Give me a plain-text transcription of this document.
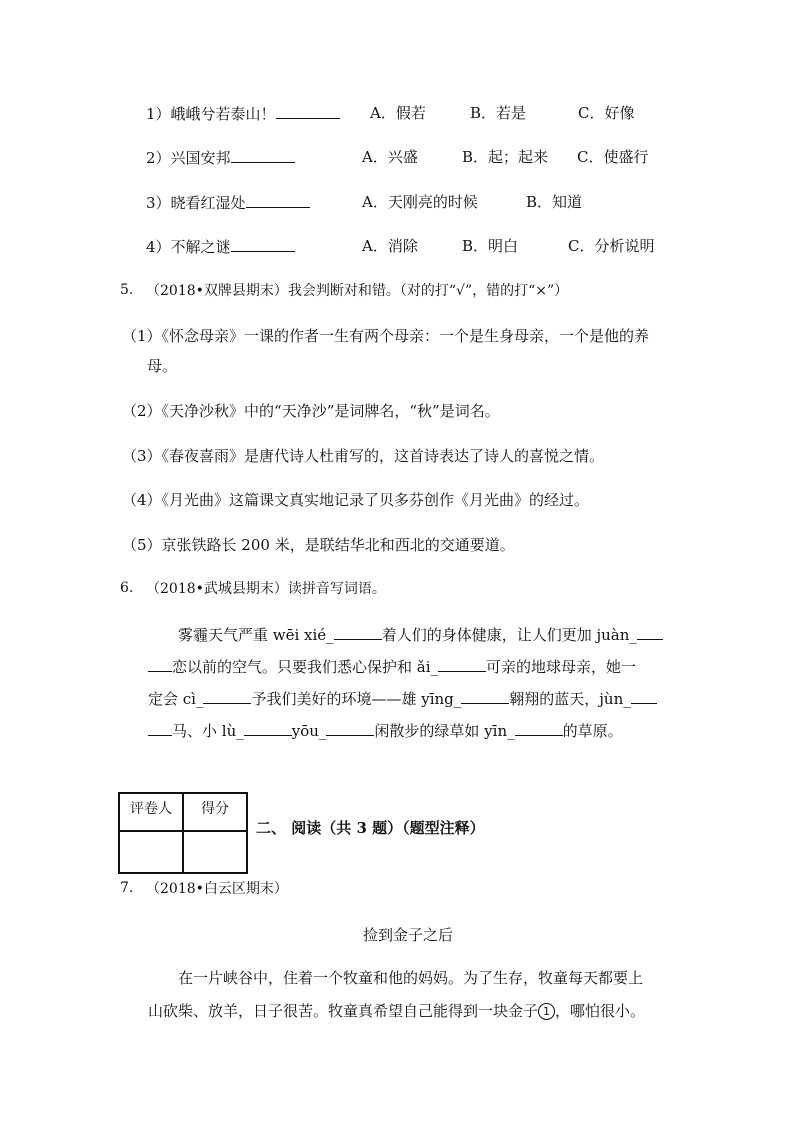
1）峨峨兮若泰山！	A．假若	B．若是	C．好像
2）兴国安邦	A．兴盛	B．起；起来 C．使盛行
3）晓看红湿处	A．天刚亮的时候	B．知道
4）不解之谜	A．消除	B．明白	C．分析说明
5. （2018•双牌县期末）我会判断对和错。（对的打“√”，错的打“×”）
（1）《怀念母亲》一课的作者一生有两个母亲：一个是生身母亲，一个是他的养
母。
（2）《天净沙秋》中的“天净沙”是词牌名，“秋”是词名。
（3）《春夜喜雨》是唐代诗人杜甫写的，这首诗表达了诗人的喜悦之情。
（4）《月光曲》这篇课文真实地记录了贝多芬创作《月光曲》的经过。
（5）京张铁路长 200 米，是联结华北和西北的交通要道。
6. （2018•武城县期末）读拼音写词语。
雾霾天气严重 wēi xié_	着人们的身体健康，让人们更加 juàn_
恋以前的空气。只要我们悉心保护和 ǎi_	可亲的地球母亲，她一
定会 cì_	予我们美好的环境——雄 yīng_	翱翔的蓝天，jùn_
马、小 lù_	yōu_	闲散步的绿草如 yīn_	的草原。
评卷人	得分

二、 阅读（共 3 题）（题型注释）
7. （2018•白云区期末）
捡到金子之后
在一片峡谷中，住着一个牧童和他的妈妈。为了生存，牧童每天都要上
山砍柴、放羊，日子很苦。牧童真希望自己能得到一块金子 1 ，哪怕很小。
